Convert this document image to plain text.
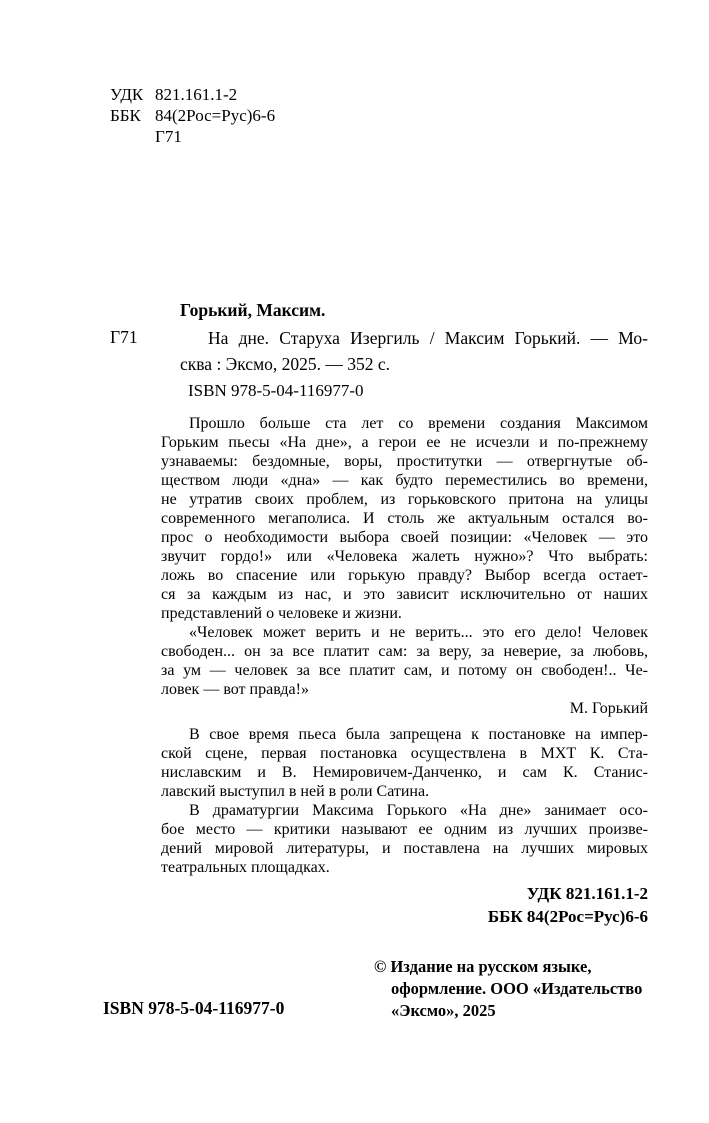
УДК 821.161.1-2
ББК 84(2Рос=Рус)6-6
Г71
Горький, Максим.
Г71	На дне. Старуха Изергиль / Максим Горький. — Мо-
сква : Эксмо, 2025. — 352 с.
ISBN 978-5-04-116977-0
Прошло больше ста лет со времени создания Максимом
Горьким пьесы «На дне», а герои ее не исчезли и по-прежнему
узнаваемы: бездомные, воры, проститутки — отвергнутые об-
ществом люди «дна» — как будто переместились во времени,
не утратив своих проблем, из горьковского притона на улицы
современного мегаполиса. И столь же актуальным остался во-
прос о необходимости выбора своей позиции: «Человек — это
звучит гордо!» или «Человека жалеть нужно»? Что выбрать:
ложь во спасение или горькую правду? Выбор всегда остает-
ся за каждым из нас, и это зависит исключительно от наших
представлений о человеке и жизни.
«Человек может верить и не верить... это его дело! Человек
свободен... он за все платит сам: за веру, за неверие, за любовь,
за ум — человек за все платит сам, и потому он свободен!.. Че-
ловек — вот правда!»
М. Горький
В свое время пьеса была запрещена к постановке на импер-
ской сцене, первая постановка осуществлена в МХТ К. Ста-
ниславским и В. Немировичем-Данченко, и сам К. Станис-
лавский выступил в ней в роли Сатина.
В драматургии Максима Горького «На дне» занимает осо-
бое место — критики называют ее одним из лучших произве-
дений мировой литературы, и поставлена на лучших мировых
театральных площадках.
УДК 821.161.1-2
ББК 84(2Рос=Рус)6-6
© Издание на русском языке,
оформление. ООО «Издательство
«Эксмо», 2025
ISBN 978-5-04-116977-0
